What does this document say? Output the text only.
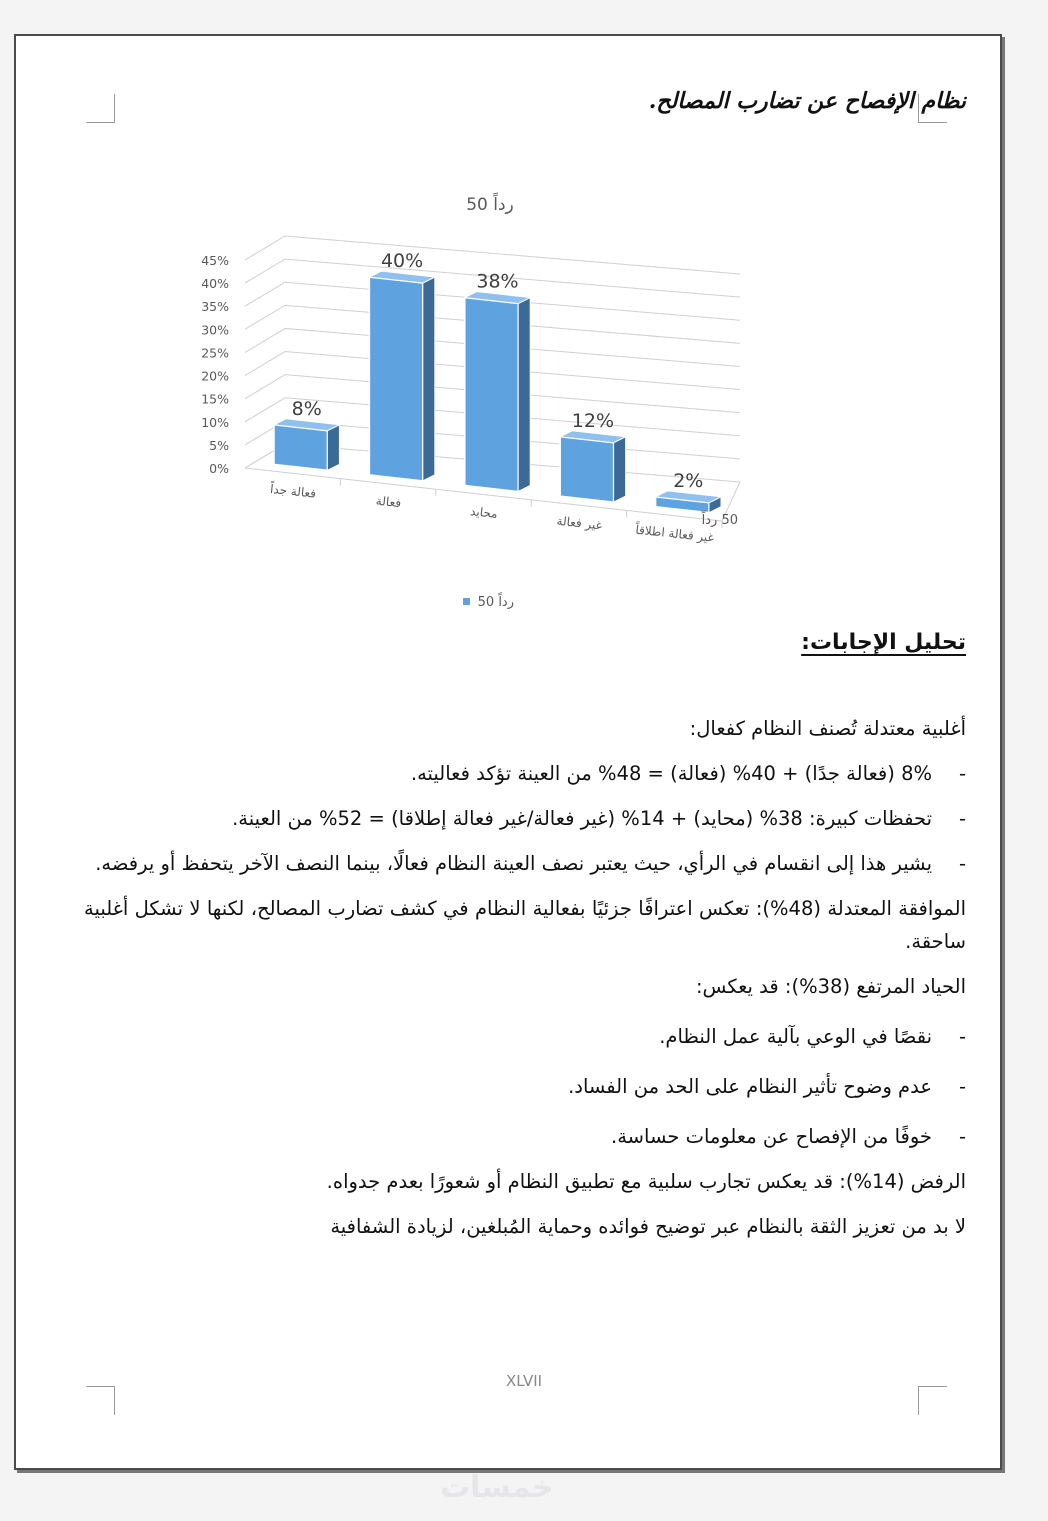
نظام الإفصاح عن تضارب المصالح.
50 رداً
0%
5%
10%
15%
20%
25%
30%
35%
40%
45%
8%
40%
38%
12%
2%
فعالة جداً
فعالة
محايد
غير فعالة	غير فعالة اطلاقاً
50 رداً
50 رداً
تحليل الإجابات:

أغلبية معتدلة تُصنف النظام كفعال:

-
8% (فعالة جدًا) + 40% (فعالة) = 48% من العينة تؤكد فعاليته.

-
تحفظات كبيرة: 38% (محايد) + 14% (غير فعالة/غير فعالة إطلاقا) = 52% من العينة.

-
يشير هذا إلى انقسام في الرأي، حيث يعتبر نصف العينة النظام فعالًا، بينما النصف الآخر يتحفظ أو يرفضه.

الموافقة المعتدلة (48%): تعكس اعترافًا جزئيًا بفعالية النظام في كشف تضارب المصالح، لكنها لا تشكل أغلبية ساحقة.

الحياد المرتفع (38%): قد يعكس:

-
نقصًا في الوعي بآلية عمل النظام.

-
عدم وضوح تأثير النظام على الحد من الفساد.

-
خوفًا من الإفصاح عن معلومات حساسة.

الرفض (14%): قد يعكس تجارب سلبية مع تطبيق النظام أو شعورًا بعدم جدواه.

لا بد من تعزيز الثقة بالنظام عبر توضيح فوائده وحماية المُبلغين، لزيادة الشفافية

XLVII
خمسات
